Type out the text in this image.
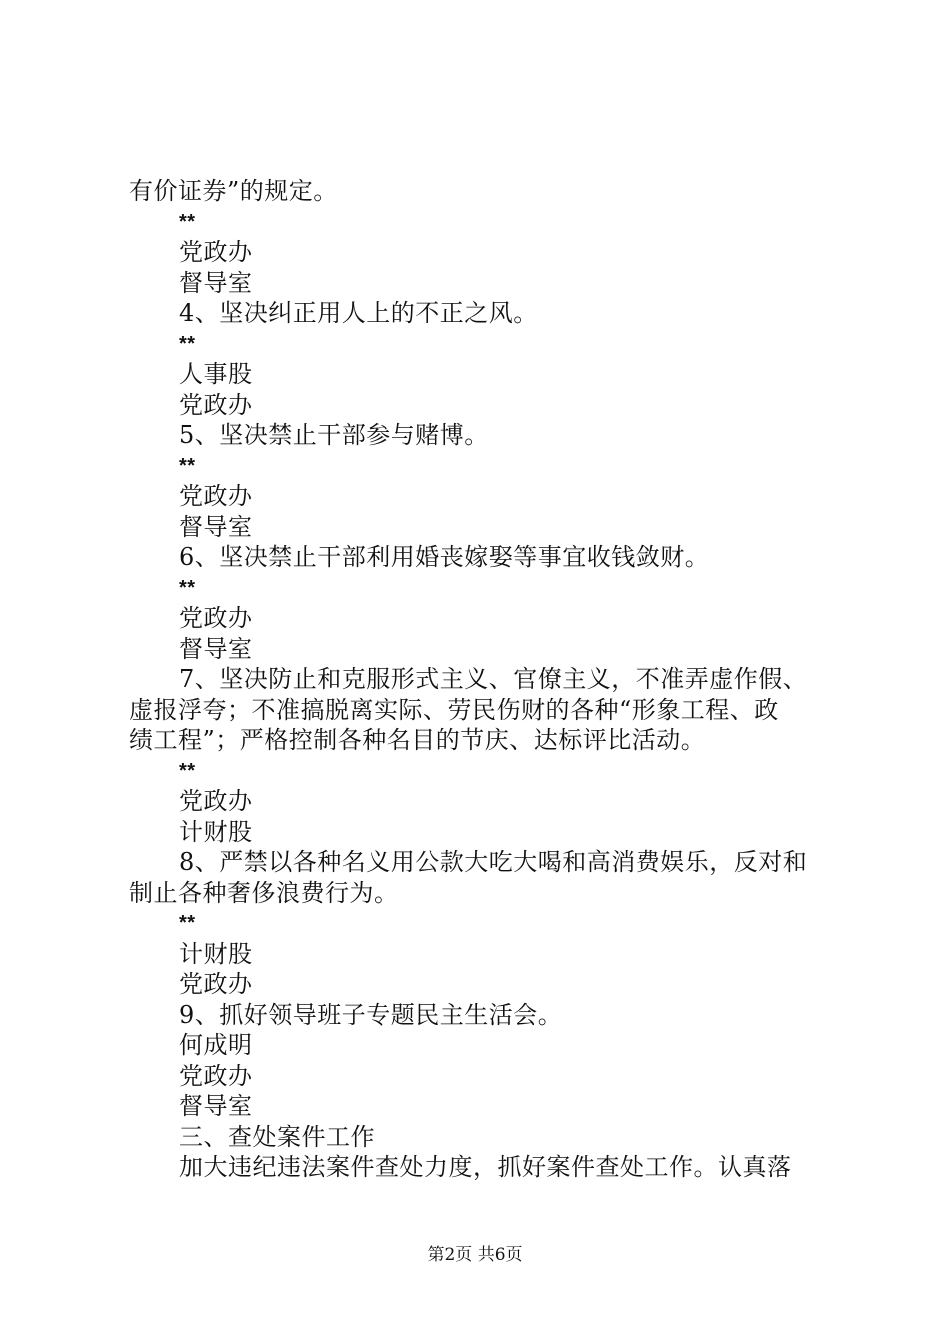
有价证券”的规定。
**
党政办
督导室
4、坚决纠正用人上的不正之风。
**
人事股
党政办
5、坚决禁止干部参与赌博。
**
党政办
督导室
6、坚决禁止干部利用婚丧嫁娶等事宜收钱敛财。
**
党政办
督导室
7、坚决防止和克服形式主义、官僚主义，不准弄虚作假、
虚报浮夸；不准搞脱离实际、劳民伤财的各种“形象工程、政
绩工程”；严格控制各种名目的节庆、达标评比活动。
**
党政办
计财股
8、严禁以各种名义用公款大吃大喝和高消费娱乐，反对和
制止各种奢侈浪费行为。
**
计财股
党政办
9、抓好领导班子专题民主生活会。
何成明
党政办
督导室
三、查处案件工作
加大违纪违法案件查处力度，抓好案件查处工作。认真落
第2页 共6页
